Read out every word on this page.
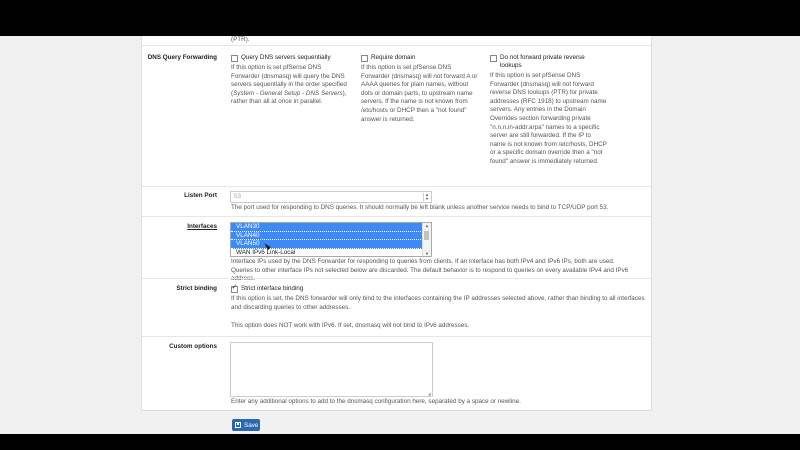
(PTR).
DNS Query Forwarding	Query DNS servers sequentially
If this option is set pfSense DNS Forwarder (dnsmasq) will query the DNS servers sequentially in the order specified (System - General Setup - DNS Servers), rather than all at once in parallel.
Require domain
If this option is set pfSense DNS Forwarder (dnsmasq) will not forward A or AAAA queries for plain names, without dots or domain parts, to upstream name servers. If the name is not known from /etc/hosts or DHCP then a "not found" answer is returned.
Do not forward private reverse lookups
If this option is set pfSense DNS Forwarder (dnsmasq) will not forward reverse DNS lookups (PTR) for private addresses (RFC 1918) to upstream name servers. Any entries in the Domain Overrides section forwarding private "n.n.n.in-addr.arpa" names to a specific server are still forwarded. If the IP to name is not known from /etc/hosts, DHCP or a specific domain override then a "not found" answer is immediately returned.
Listen Port	53	▲
▼
The port used for responding to DNS queries. It should normally be left blank unless another service needs to bind to TCP/UDP port 53.
Interfaces	VLAN30
VLAN40
VLAN50
WAN IPv6 Link-Local
▲
▼
Interface IPs used by the DNS Forwarder for responding to queries from clients. If an interface has both IPv4 and IPv6 IPs, both are used. Queries to other interface IPs not selected below are discarded. The default behavior is to respond to queries on every available IPv4 and IPv6
Strict binding
✓	Strict interface binding
If this option is set, the DNS forwarder will only bind to the interfaces containing the IP addresses selected above, rather than binding to all interfaces and discarding queries to other addresses.
This option does NOT work with IPv6. If set, dnsmasq will not bind to IPv6 addresses.
Custom options
◢
Enter any additional options to add to the dnsmasq configuration here, separated by a space or newline.
Save
